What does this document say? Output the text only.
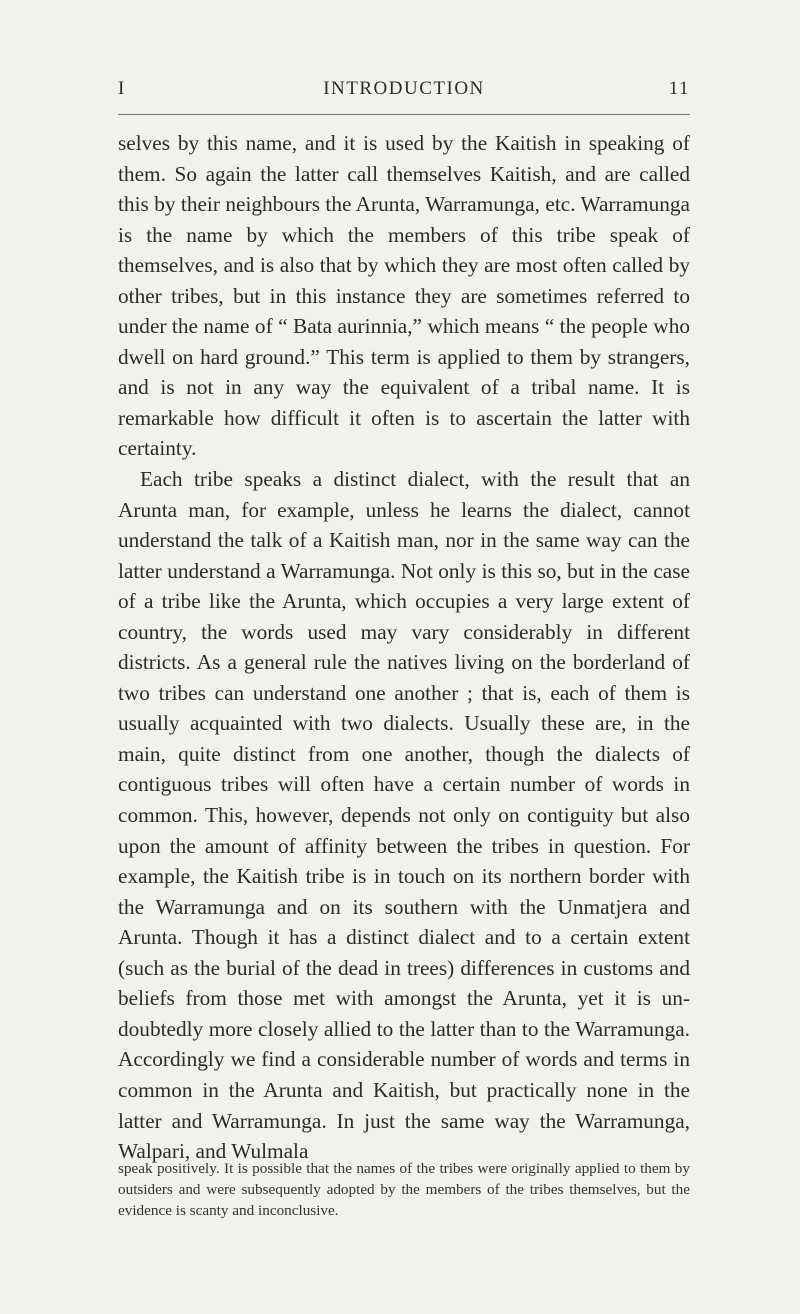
I	INTRODUCTION	11

selves by this name, and it is used by the Kaitish in speaking of them. So again the latter call themselves Kaitish, and are called this by their neighbours the Arunta, Warramunga, etc. Warramunga is the name by which the members of this tribe speak of themselves, and is also that by which they are most often called by other tribes, but in this instance they are sometimes referred to under the name of “ Bata aurinnia,” which means “ the people who dwell on hard ground.” This term is applied to them by strangers, and is not in any way the equivalent of a tribal name. It is remarkable how difficult it often is to ascertain the latter with certainty.

Each tribe speaks a distinct dialect, with the result that an Arunta man, for example, unless he learns the dialect, cannot understand the talk of a Kaitish man, nor in the same way can the latter understand a Warramunga. Not only is this so, but in the case of a tribe like the Arunta, which occupies a very large extent of country, the words used may vary considerably in different districts. As a general rule the natives living on the borderland of two tribes can understand one another ; that is, each of them is usually acquainted with two dialects. Usually these are, in the main, quite distinct from one another, though the dialects of contiguous tribes will often have a certain number of words in common. This, however, depends not only on contiguity but also upon the amount of affinity between the tribes in question. For example, the Kaitish tribe is in touch on its northern border with the Warramunga and on its southern with the Unmatjera and Arunta. Though it has a distinct dialect and to a certain extent (such as the burial of the dead in trees) differences in customs and beliefs from those met with amongst the Arunta, yet it is un-doubtedly more closely allied to the latter than to the Warramunga. Accordingly we find a considerable number of words and terms in common in the Arunta and Kaitish, but practically none in the latter and Warramunga. In just the same way the Warramunga, Walpari, and Wulmala

speak positively. It is possible that the names of the tribes were originally applied to them by outsiders and were subsequently adopted by the members of the tribes themselves, but the evidence is scanty and inconclusive.
